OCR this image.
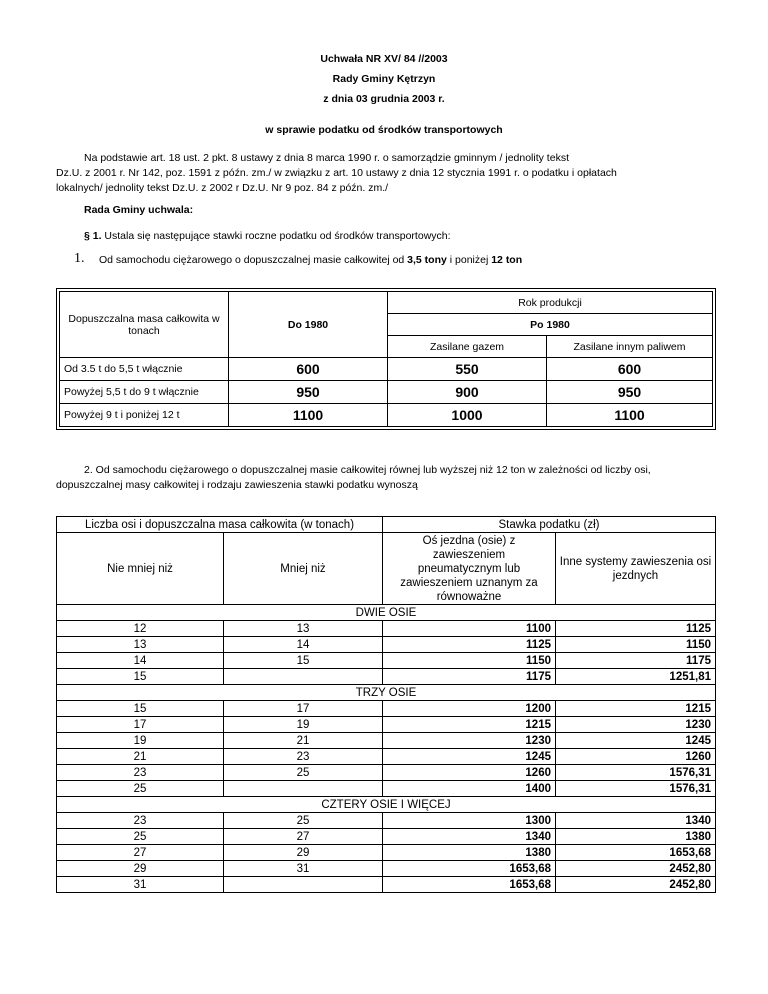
Uchwała NR XV/ 84 //2003
Rady Gminy Kętrzyn
z dnia 03 grudnia 2003 r.
w sprawie podatku od środków transportowych
Na podstawie art. 18 ust. 2 pkt. 8 ustawy z dnia 8 marca 1990 r. o samorządzie gminnym / jednolity tekst
Dz.U. z 2001 r. Nr 142, poz. 1591 z późn. zm./ w związku z art. 10 ustawy z dnia 12 stycznia 1991 r. o podatku i opłatach
lokalnych/ jednolity tekst Dz.U. z 2002 r Dz.U. Nr 9 poz. 84 z późn. zm./
Rada Gminy uchwala:
§ 1. Ustala się następujące stawki roczne podatku od środków transportowych:
1. Od samochodu ciężarowego o dopuszczalnej masie całkowitej od 3,5 tony i poniżej 12 ton
Dopuszczalna masa całkowita w tonach	Do 1980	Rok produkcji	
		Po 1980	
		Zasilane gazem	Zasilane innym paliwem
Od 3.5 t do 5,5 t włącznie	600	550	600
Powyżej 5,5 t do 9 t włącznie	950	900	950
Powyżej 9 t i poniżej 12 t	1100	1000	1100
2. Od samochodu ciężarowego o dopuszczalnej masie całkowitej równej lub wyższej niż 12 ton w zależności od liczby osi,
dopuszczalnej masy całkowitej i rodzaju zawieszenia stawki podatku wynoszą
Liczba osi i dopuszczalna masa całkowita (w tonach)		Stawka podatku (zł)	
Nie mniej niż	Mniej niż	Oś jezdna (osie) z zawieszeniem pneumatycznym lub zawieszeniem uznanym za równoważne	Inne systemy zawieszenia osi jezdnych
DWIE OSIE			
12	13	1100	1125
13	14	1125	1150
14	15	1150	1175
15		1175	1251,81
TRZY OSIE			
15	17	1200	1215
17	19	1215	1230
19	21	1230	1245
21	23	1245	1260
23	25	1260	1576,31
25		1400	1576,31
CZTERY OSIE I WIĘCEJ			
23	25	1300	1340
25	27	1340	1380
27	29	1380	1653,68
29	31	1653,68	2452,80
31		1653,68	2452,80
